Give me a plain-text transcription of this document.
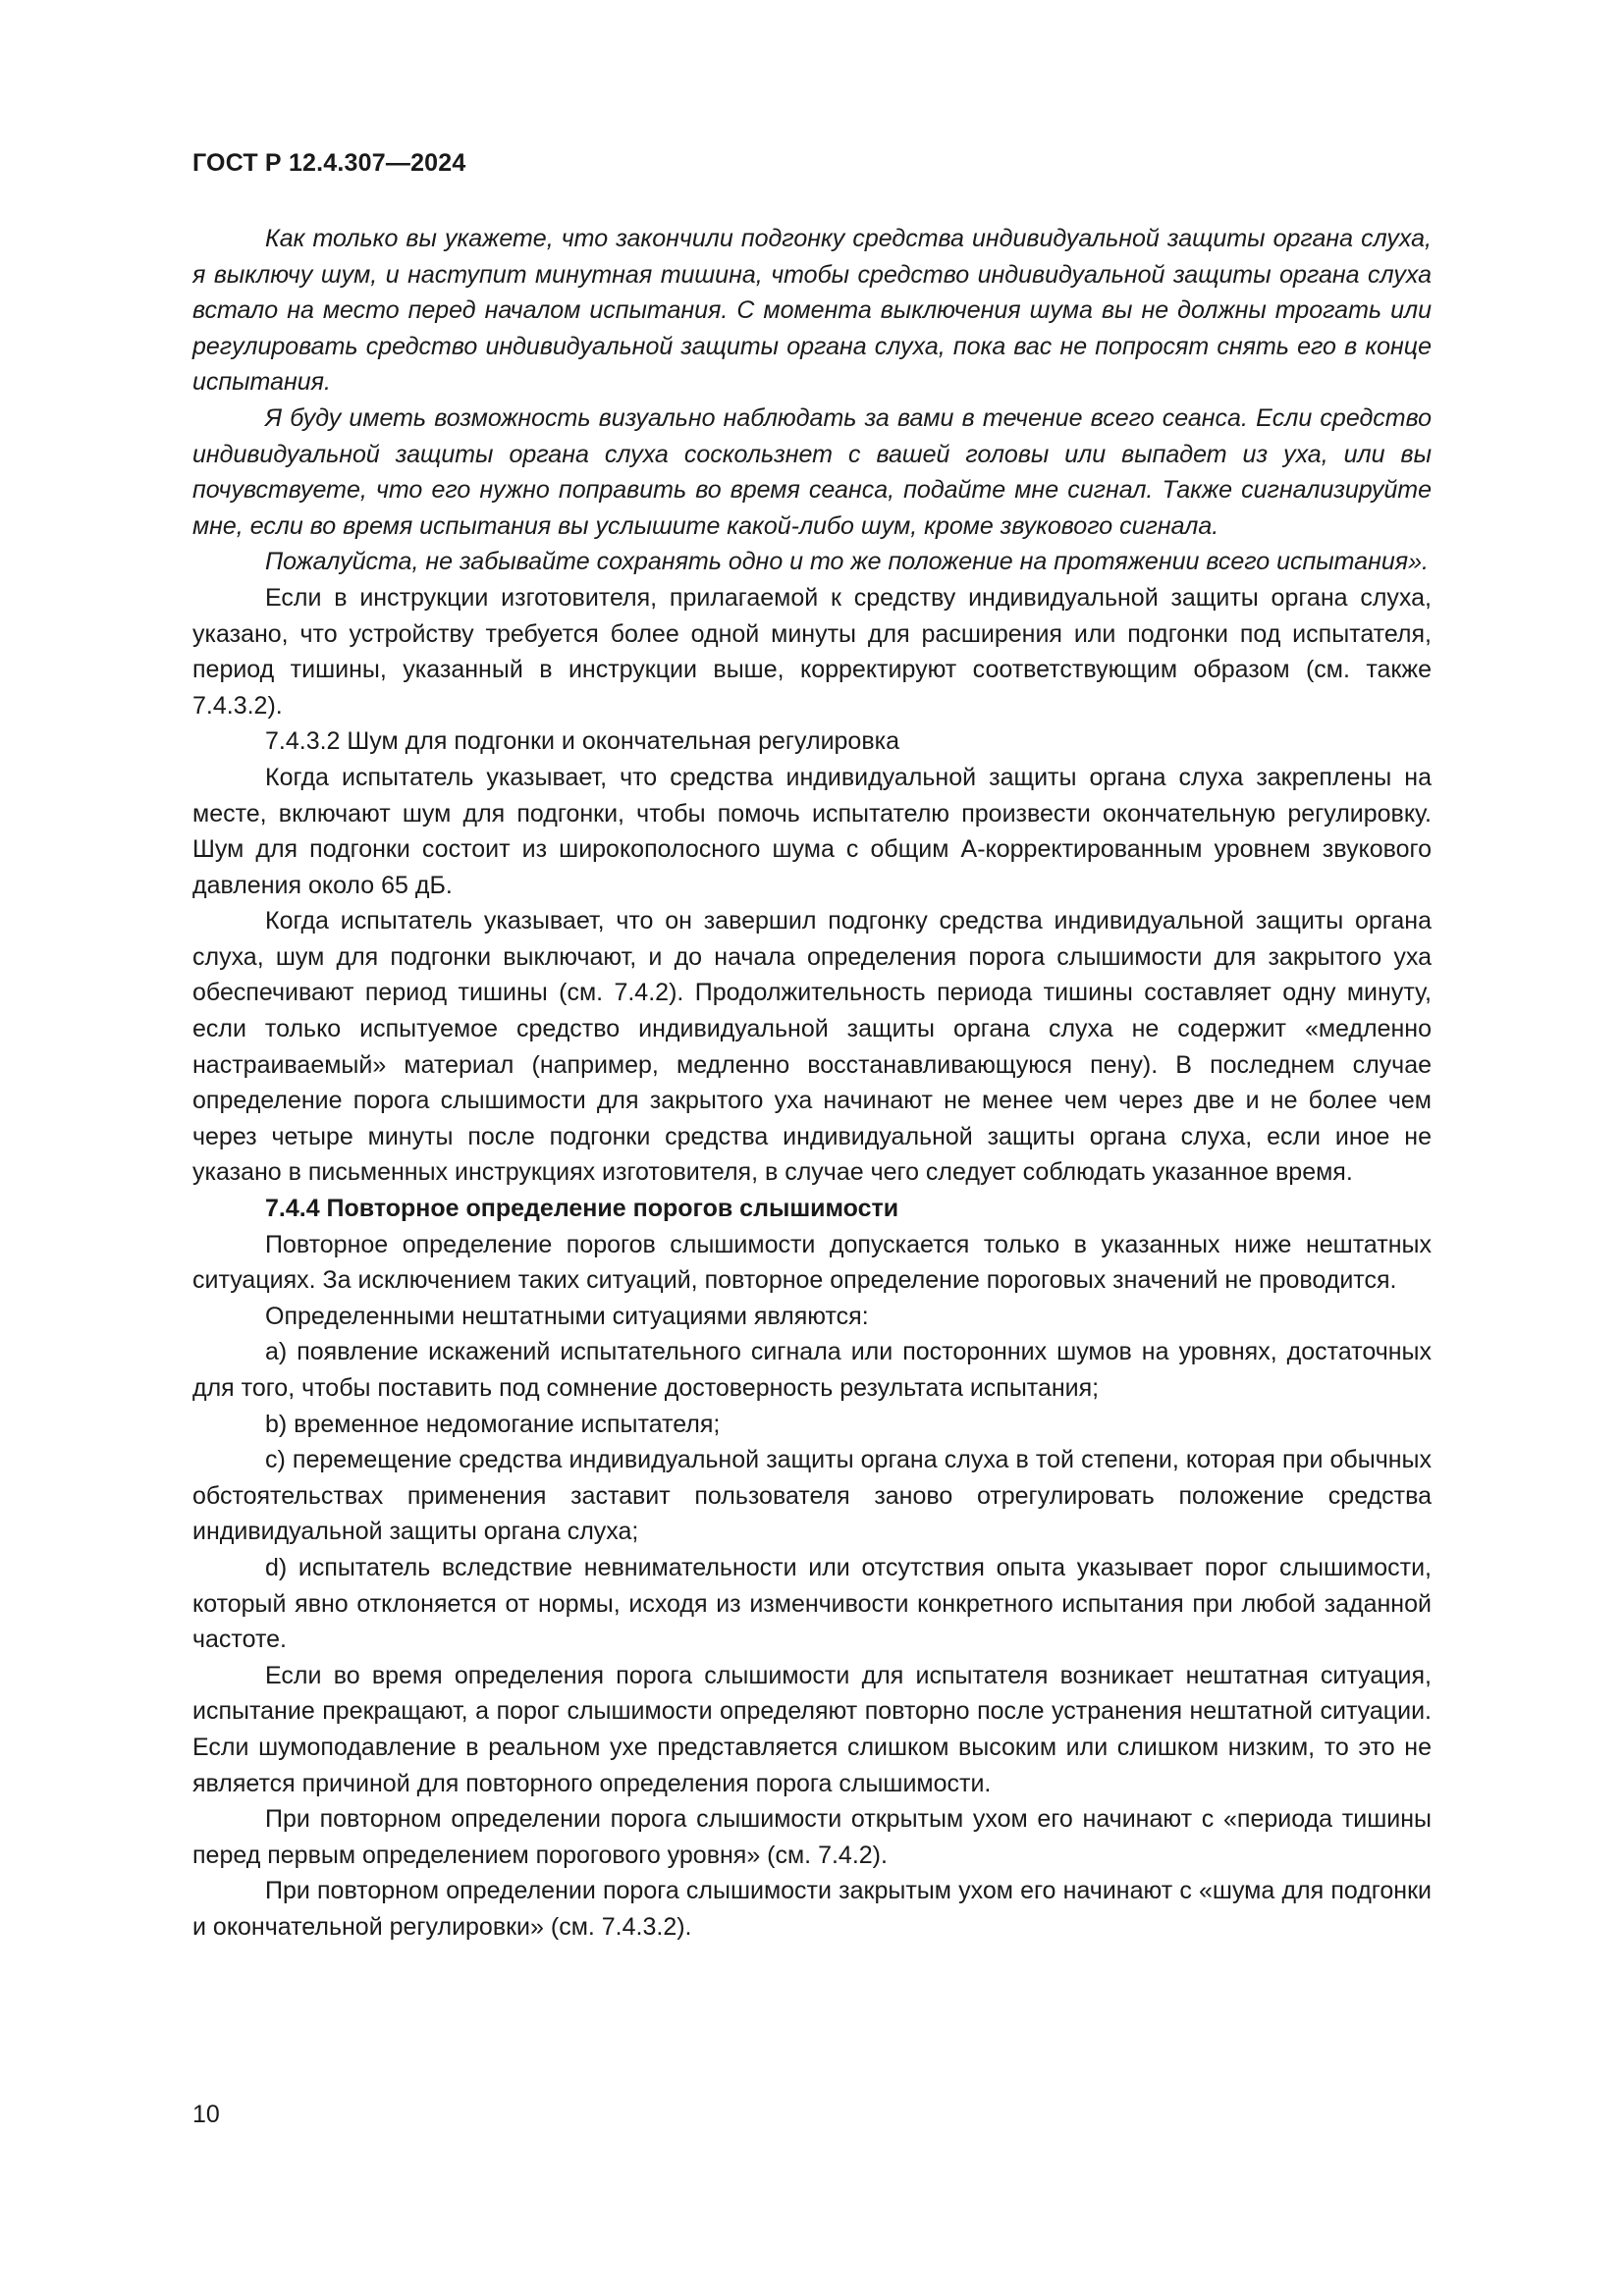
ГОСТ Р 12.4.307—2024

Как только вы укажете, что закончили подгонку средства индивидуальной защиты органа слуха, я выключу шум, и наступит минутная тишина, чтобы средство индивидуальной защиты органа слуха встало на место перед началом испытания. С момента выключения шума вы не должны трогать или регулировать средство индивидуальной защиты органа слуха, пока вас не попросят снять его в конце испытания.

Я буду иметь возможность визуально наблюдать за вами в течение всего сеанса. Если средство индивидуальной защиты органа слуха соскользнет с вашей головы или выпадет из уха, или вы почувствуете, что его нужно поправить во время сеанса, подайте мне сигнал. Также сигнализируйте мне, если во время испытания вы услышите какой-либо шум, кроме звукового сигнала.

Пожалуйста, не забывайте сохранять одно и то же положение на протяжении всего испытания».

Если в инструкции изготовителя, прилагаемой к средству индивидуальной защиты органа слуха, указано, что устройству требуется более одной минуты для расширения или подгонки под испытателя, период тишины, указанный в инструкции выше, корректируют соответствующим образом (см. также 7.4.3.2).

7.4.3.2 Шум для подгонки и окончательная регулировка

Когда испытатель указывает, что средства индивидуальной защиты органа слуха закреплены на месте, включают шум для подгонки, чтобы помочь испытателю произвести окончательную регулировку. Шум для подгонки состоит из широкополосного шума с общим А-корректированным уровнем звукового давления около 65 дБ.

Когда испытатель указывает, что он завершил подгонку средства индивидуальной защиты органа слуха, шум для подгонки выключают, и до начала определения порога слышимости для закрытого уха обеспечивают период тишины (см. 7.4.2). Продолжительность периода тишины составляет одну минуту, если только испытуемое средство индивидуальной защиты органа слуха не содержит «медленно настраиваемый» материал (например, медленно восстанавливающуюся пену). В последнем случае определение порога слышимости для закрытого уха начинают не менее чем через две и не более чем через четыре минуты после подгонки средства индивидуальной защиты органа слуха, если иное не указано в письменных инструкциях изготовителя, в случае чего следует соблюдать указанное время.

7.4.4 Повторное определение порогов слышимости

Повторное определение порогов слышимости допускается только в указанных ниже нештатных ситуациях. За исключением таких ситуаций, повторное определение пороговых значений не проводится.

Определенными нештатными ситуациями являются:

а) появление искажений испытательного сигнала или посторонних шумов на уровнях, достаточных для того, чтобы поставить под сомнение достоверность результата испытания;

b) временное недомогание испытателя;

c) перемещение средства индивидуальной защиты органа слуха в той степени, которая при обычных обстоятельствах применения заставит пользователя заново отрегулировать положение средства индивидуальной защиты органа слуха;

d) испытатель вследствие невнимательности или отсутствия опыта указывает порог слышимости, который явно отклоняется от нормы, исходя из изменчивости конкретного испытания при любой заданной частоте.

Если во время определения порога слышимости для испытателя возникает нештатная ситуация, испытание прекращают, а порог слышимости определяют повторно после устранения нештатной ситуации. Если шумоподавление в реальном ухе представляется слишком высоким или слишком низким, то это не является причиной для повторного определения порога слышимости.

При повторном определении порога слышимости открытым ухом его начинают с «периода тишины перед первым определением порогового уровня» (см. 7.4.2).

При повторном определении порога слышимости закрытым ухом его начинают с «шума для подгонки и окончательной регулировки» (см. 7.4.3.2).

10
